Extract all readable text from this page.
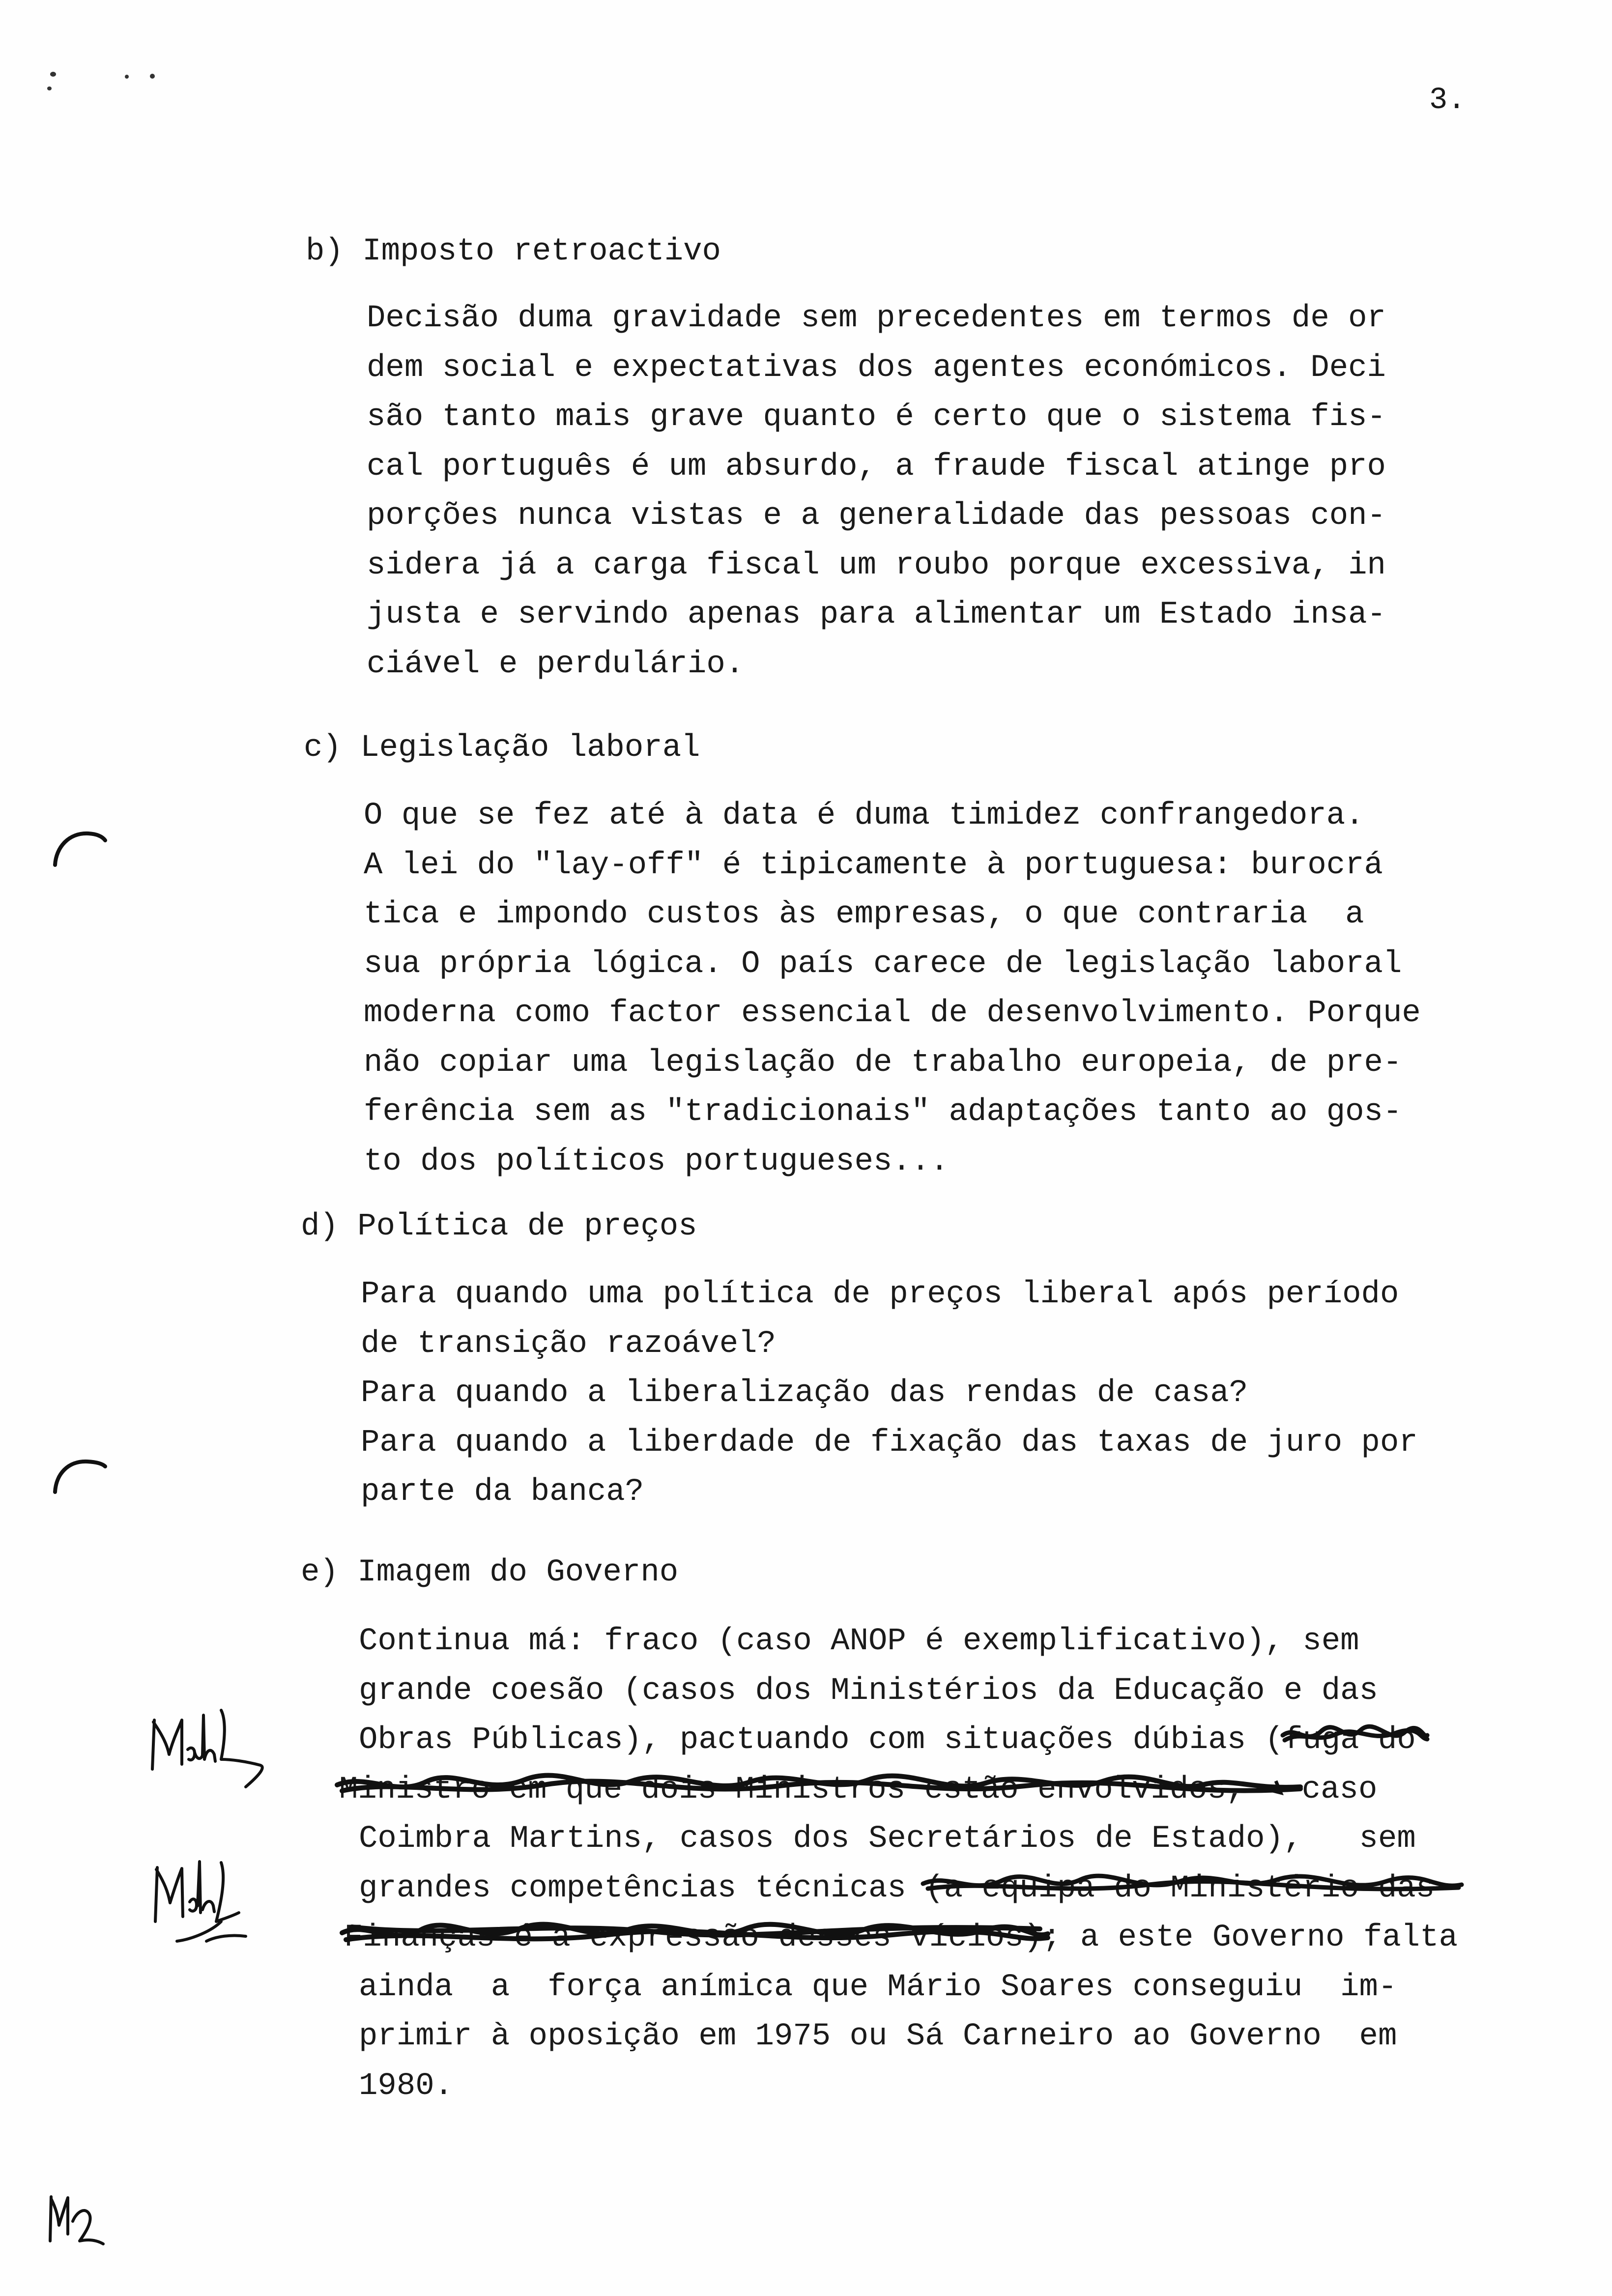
3.
b) Imposto retroactivo
Decisão duma gravidade sem precedentes em termos de or
dem social e expectativas dos agentes económicos. Deci
são tanto mais grave quanto é certo que o sistema fis-
cal português é um absurdo, a fraude fiscal atinge pro
porções nunca vistas e a generalidade das pessoas con-
sidera já a carga fiscal um roubo porque excessiva, in
justa e servindo apenas para alimentar um Estado insa-
ciável e perdulário.
c) Legislação laboral
O que se fez até à data é duma timidez confrangedora.
A lei do "lay-off" é tipicamente à portuguesa: burocrá
tica e impondo custos às empresas, o que contraria  a
sua própria lógica. O país carece de legislação laboral
moderna como factor essencial de desenvolvimento. Porque
não copiar uma legislação de trabalho europeia, de pre-
ferência sem as "tradicionais" adaptações tanto ao gos-
to dos políticos portugueses...
d) Política de preços
Para quando uma política de preços liberal após período
de transição razoável?
Para quando a liberalização das rendas de casa?
Para quando a liberdade de fixação das taxas de juro por
parte da banca?
e) Imagem do Governo
Continua má: fraco (caso ANOP é exemplificativo), sem
grande coesão (casos dos Ministérios da Educação e das
Obras Públicas), pactuando com situações dúbias (fuga do
Ministro em que dois Ministros estão envolvidos,
caso
Coimbra Martins, casos dos Secretários de Estado),   sem
grandes competências técnicas (a equipa do Ministério das
Finanças é a expressão desses vícios
); a este Governo falta
ainda  a  força anímica que Mário Soares conseguiu  im-
primir à oposição em 1975 ou Sá Carneiro ao Governo  em
1980.
